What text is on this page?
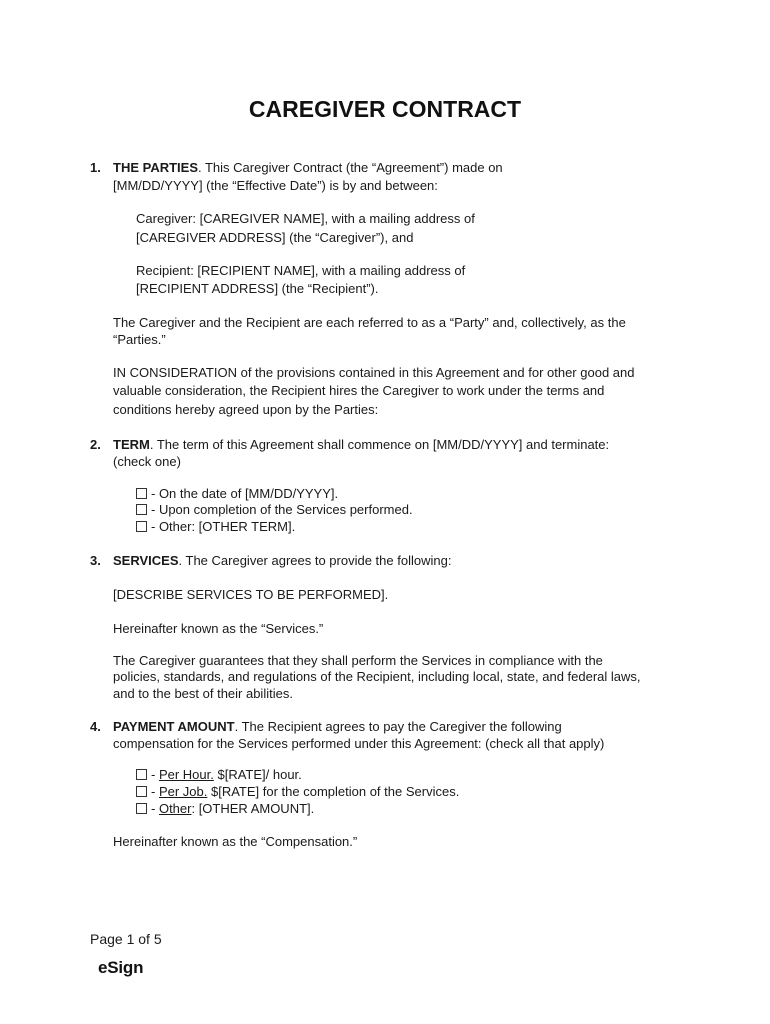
CAREGIVER CONTRACT
1. THE PARTIES. This Caregiver Contract (the “Agreement”) made on

[MM/DD/YYYY] (the “Effective Date”) is by and between:

Caregiver: [CAREGIVER NAME], with a mailing address of

[CAREGIVER ADDRESS] (the “Caregiver”), and

Recipient: [RECIPIENT NAME], with a mailing address of

[RECIPIENT ADDRESS] (the “Recipient”).

The Caregiver and the Recipient are each referred to as a “Party” and, collectively, as the

“Parties.”

IN CONSIDERATION of the provisions contained in this Agreement and for other good and

valuable consideration, the Recipient hires the Caregiver to work under the terms and

conditions hereby agreed upon by the Parties:

2. TERM. The term of this Agreement shall commence on [MM/DD/YYYY] and terminate:

(check one)

- On the date of [MM/DD/YYYY].

- Upon completion of the Services performed.

- Other: [OTHER TERM].

3. SERVICES. The Caregiver agrees to provide the following:

[DESCRIBE SERVICES TO BE PERFORMED].

Hereinafter known as the “Services.”

The Caregiver guarantees that they shall perform the Services in compliance with the

policies, standards, and regulations of the Recipient, including local, state, and federal laws,

and to the best of their abilities.

4. PAYMENT AMOUNT. The Recipient agrees to pay the Caregiver the following

compensation for the Services performed under this Agreement: (check all that apply)

- Per Hour. $[RATE]/ hour.

- Per Job. $[RATE] for the completion of the Services.

- Other: [OTHER AMOUNT].

Hereinafter known as the “Compensation.”

Page 1 of 5
eSign
